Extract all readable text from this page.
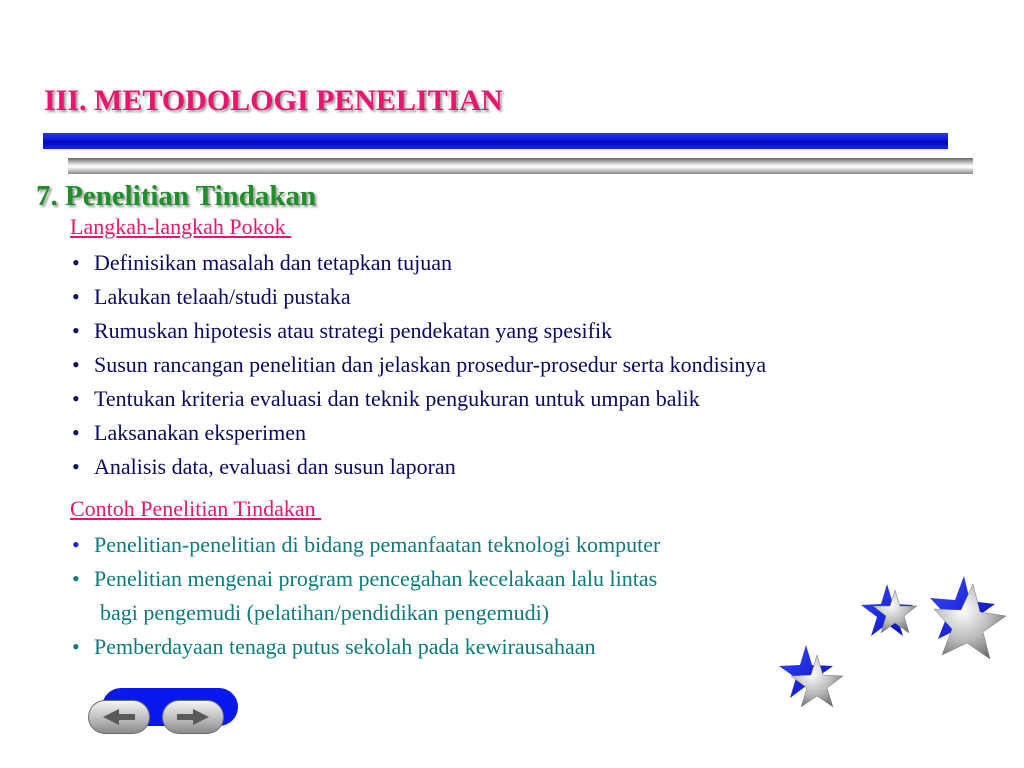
III. METODOLOGI PENELITIAN
7. Penelitian Tindakan

Langkah-langkah Pokok

• Definisikan masalah dan tetapkan tujuan
• Lakukan telaah/studi pustaka
• Rumuskan hipotesis atau strategi pendekatan yang spesifik
• Susun rancangan penelitian dan jelaskan prosedur-prosedur serta kondisinya
• Tentukan kriteria evaluasi dan teknik pengukuran untuk umpan balik
• Laksanakan eksperimen
• Analisis data, evaluasi dan susun laporan

Contoh Penelitian Tindakan

• Penelitian-penelitian di bidang pemanfaatan teknologi komputer
• Penelitian mengenai program pencegahan kecelakaan lalu lintas
bagi pengemudi (pelatihan/pendidikan pengemudi)
• Pemberdayaan tenaga putus sekolah pada kewirausahaan
